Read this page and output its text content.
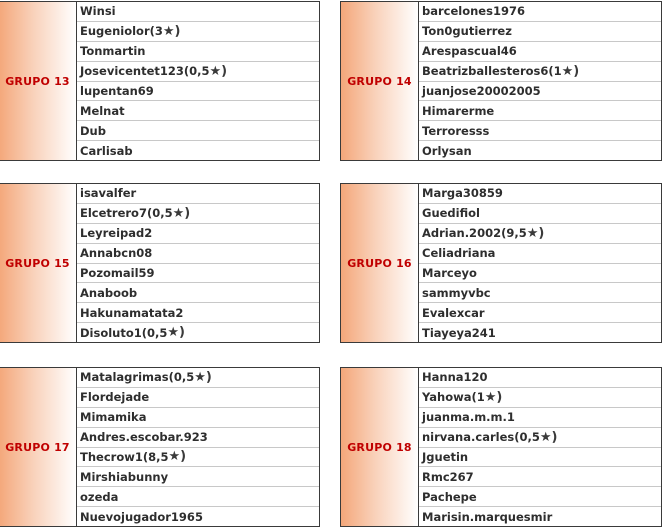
GRUPO 13
Winsi
Eugeniolor(3 ★)
Tonmartin
Josevicentet123(0,5 ★)
lupentan69
Melnat
Dub
Carlisab
GRUPO 14
barcelones1976
Ton0gutierrez
Arespascual46
Beatrizballesteros6(1 ★)
juanjose20002005
Himarerme
Terroresss
Orlysan
GRUPO 15
isavalfer
Elcetrero7(0,5 ★)
Leyreipad2
Annabcn08
Pozomail59
Anaboob
Hakunamatata2
Disoluto1(0,5 ★)
GRUPO 16
Marga30859
Guedifiol
Adrian.2002(9,5 ★)
Celiadriana
Marceyo
sammyvbc
Evalexcar
Tiayeya241
GRUPO 17
Matalagrimas(0,5 ★)
Flordejade
Mimamika
Andres.escobar.923
Thecrow1(8,5 ★)
Mirshiabunny
ozeda
Nuevojugador1965
GRUPO 18
Hanna120
Yahowa(1 ★)
juanma.m.m.1
nirvana.carles(0,5 ★)
Jguetin
Rmc267
Pachepe
Marisin.marquesmir
